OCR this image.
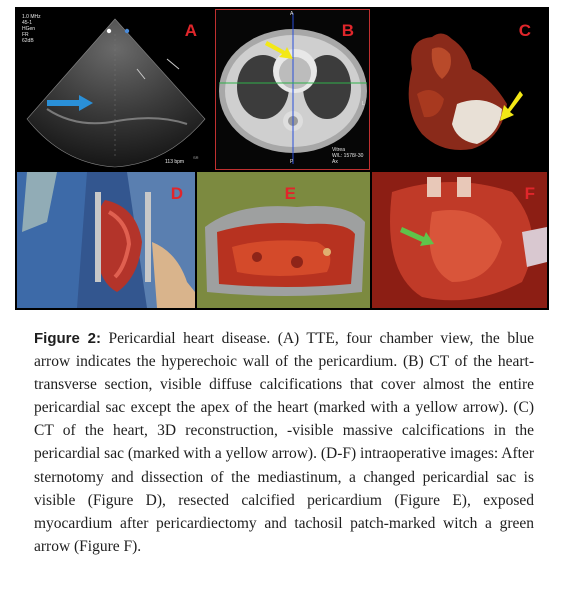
SR
1.0 MHz
45-1
HGen
FR
62dB
113 bpm
A
A
P
L
Vitrea
W/L: 1578/-30
Ax
B	C
D	E	F
Figure 2: Pericardial heart disease. (A) TTE, four chamber view, the blue arrow indicates the hyperechoic wall of the pericardium. (B) CT of the heart-transverse section, visible diffuse calcifications that cover almost the entire pericardial sac except the apex of the heart (marked with a yellow arrow). (C) CT of the heart, 3D reconstruction, -visible massive calcifications in the pericardial sac (marked with a yellow arrow). (D-F) intraoperative images: After sternotomy and dissection of the mediastinum, a changed pericardial sac is visible (Figure D), resected calcified pericardium (Figure E), exposed myocardium after pericardiectomy and tachosil patch-marked witch a green arrow (Figure F).
